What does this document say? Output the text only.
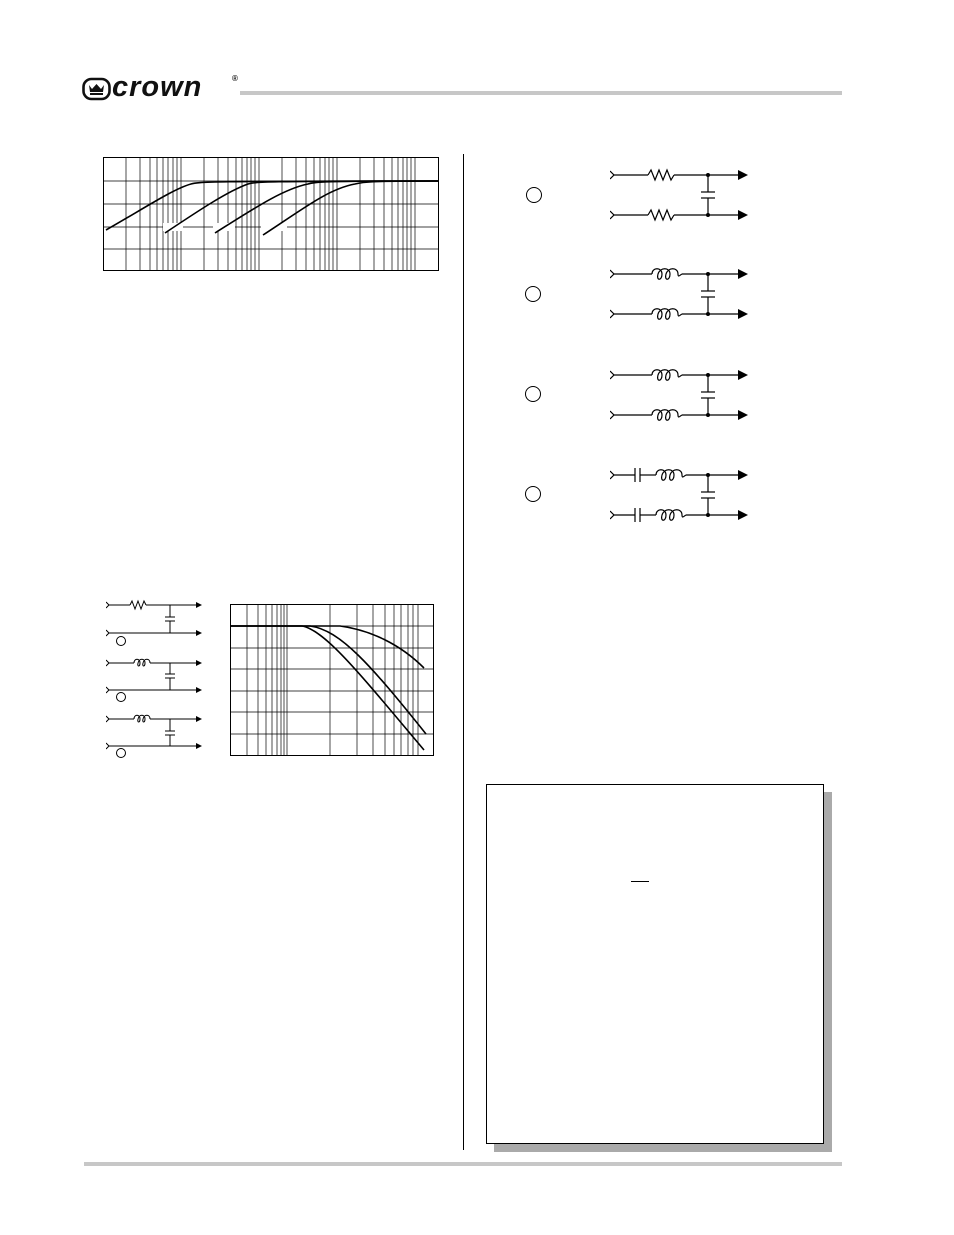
crown	®
